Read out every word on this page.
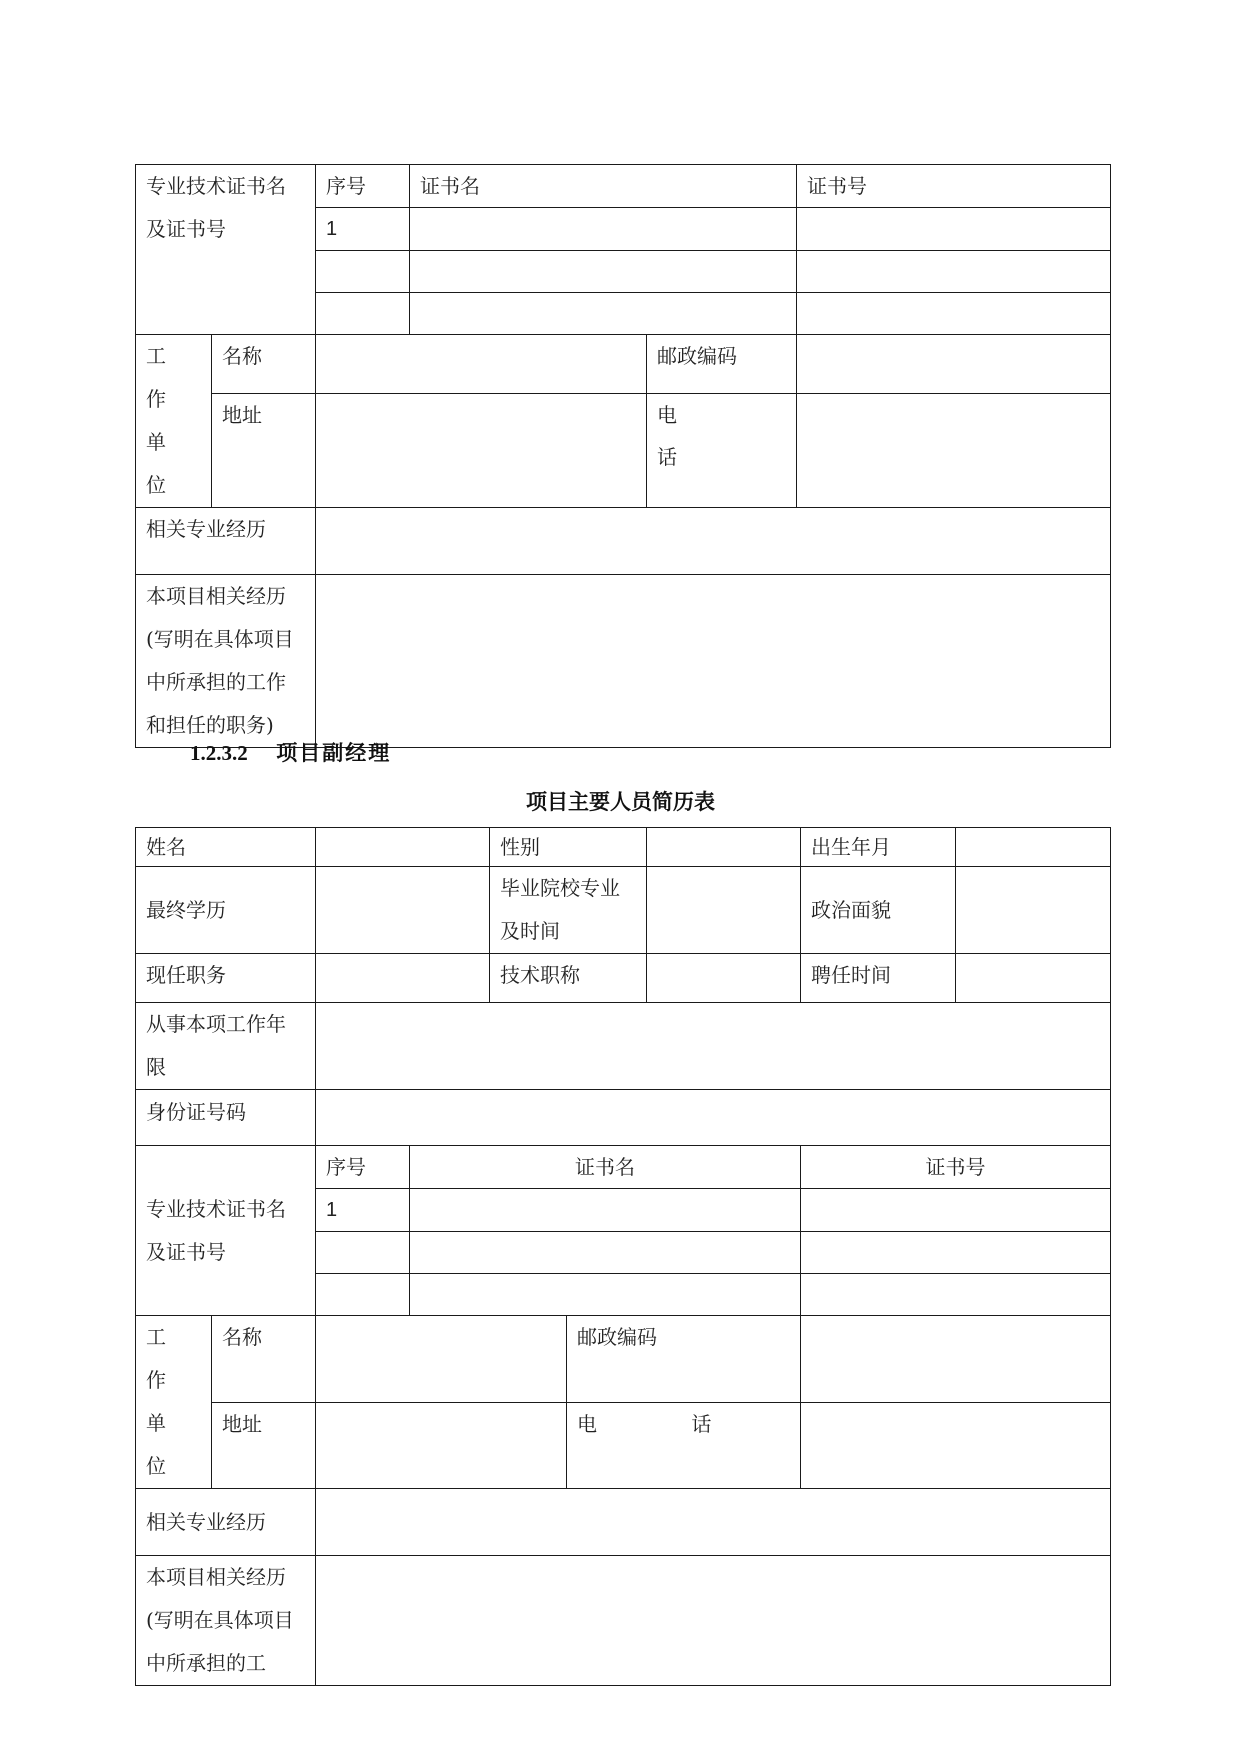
专业技术证书名及证书号		序号	证书名		证书号
		1			

工 作单位	名称			邮政编码	
	地址			电 话	
相关专业经历					
本项目相关经历(写明在具体项目中所承担的工作和担任的职务)					
1.2.3.2 项目副经理
项目主要人员简历表
姓名				性别			出生年月	
最终学历				毕业院校专业及时间			政治面貌	
现任职务				技术职称			聘任时间	
从事本项工作年限								
身份证号码								
专业技术证书名及证书号		序号	证书名				证书号	
		1						

工 作单位	名称				邮政编码			
	地址				电 话			
相关专业经历								
本项目相关经历(写明在具体项目中所承担的工								
